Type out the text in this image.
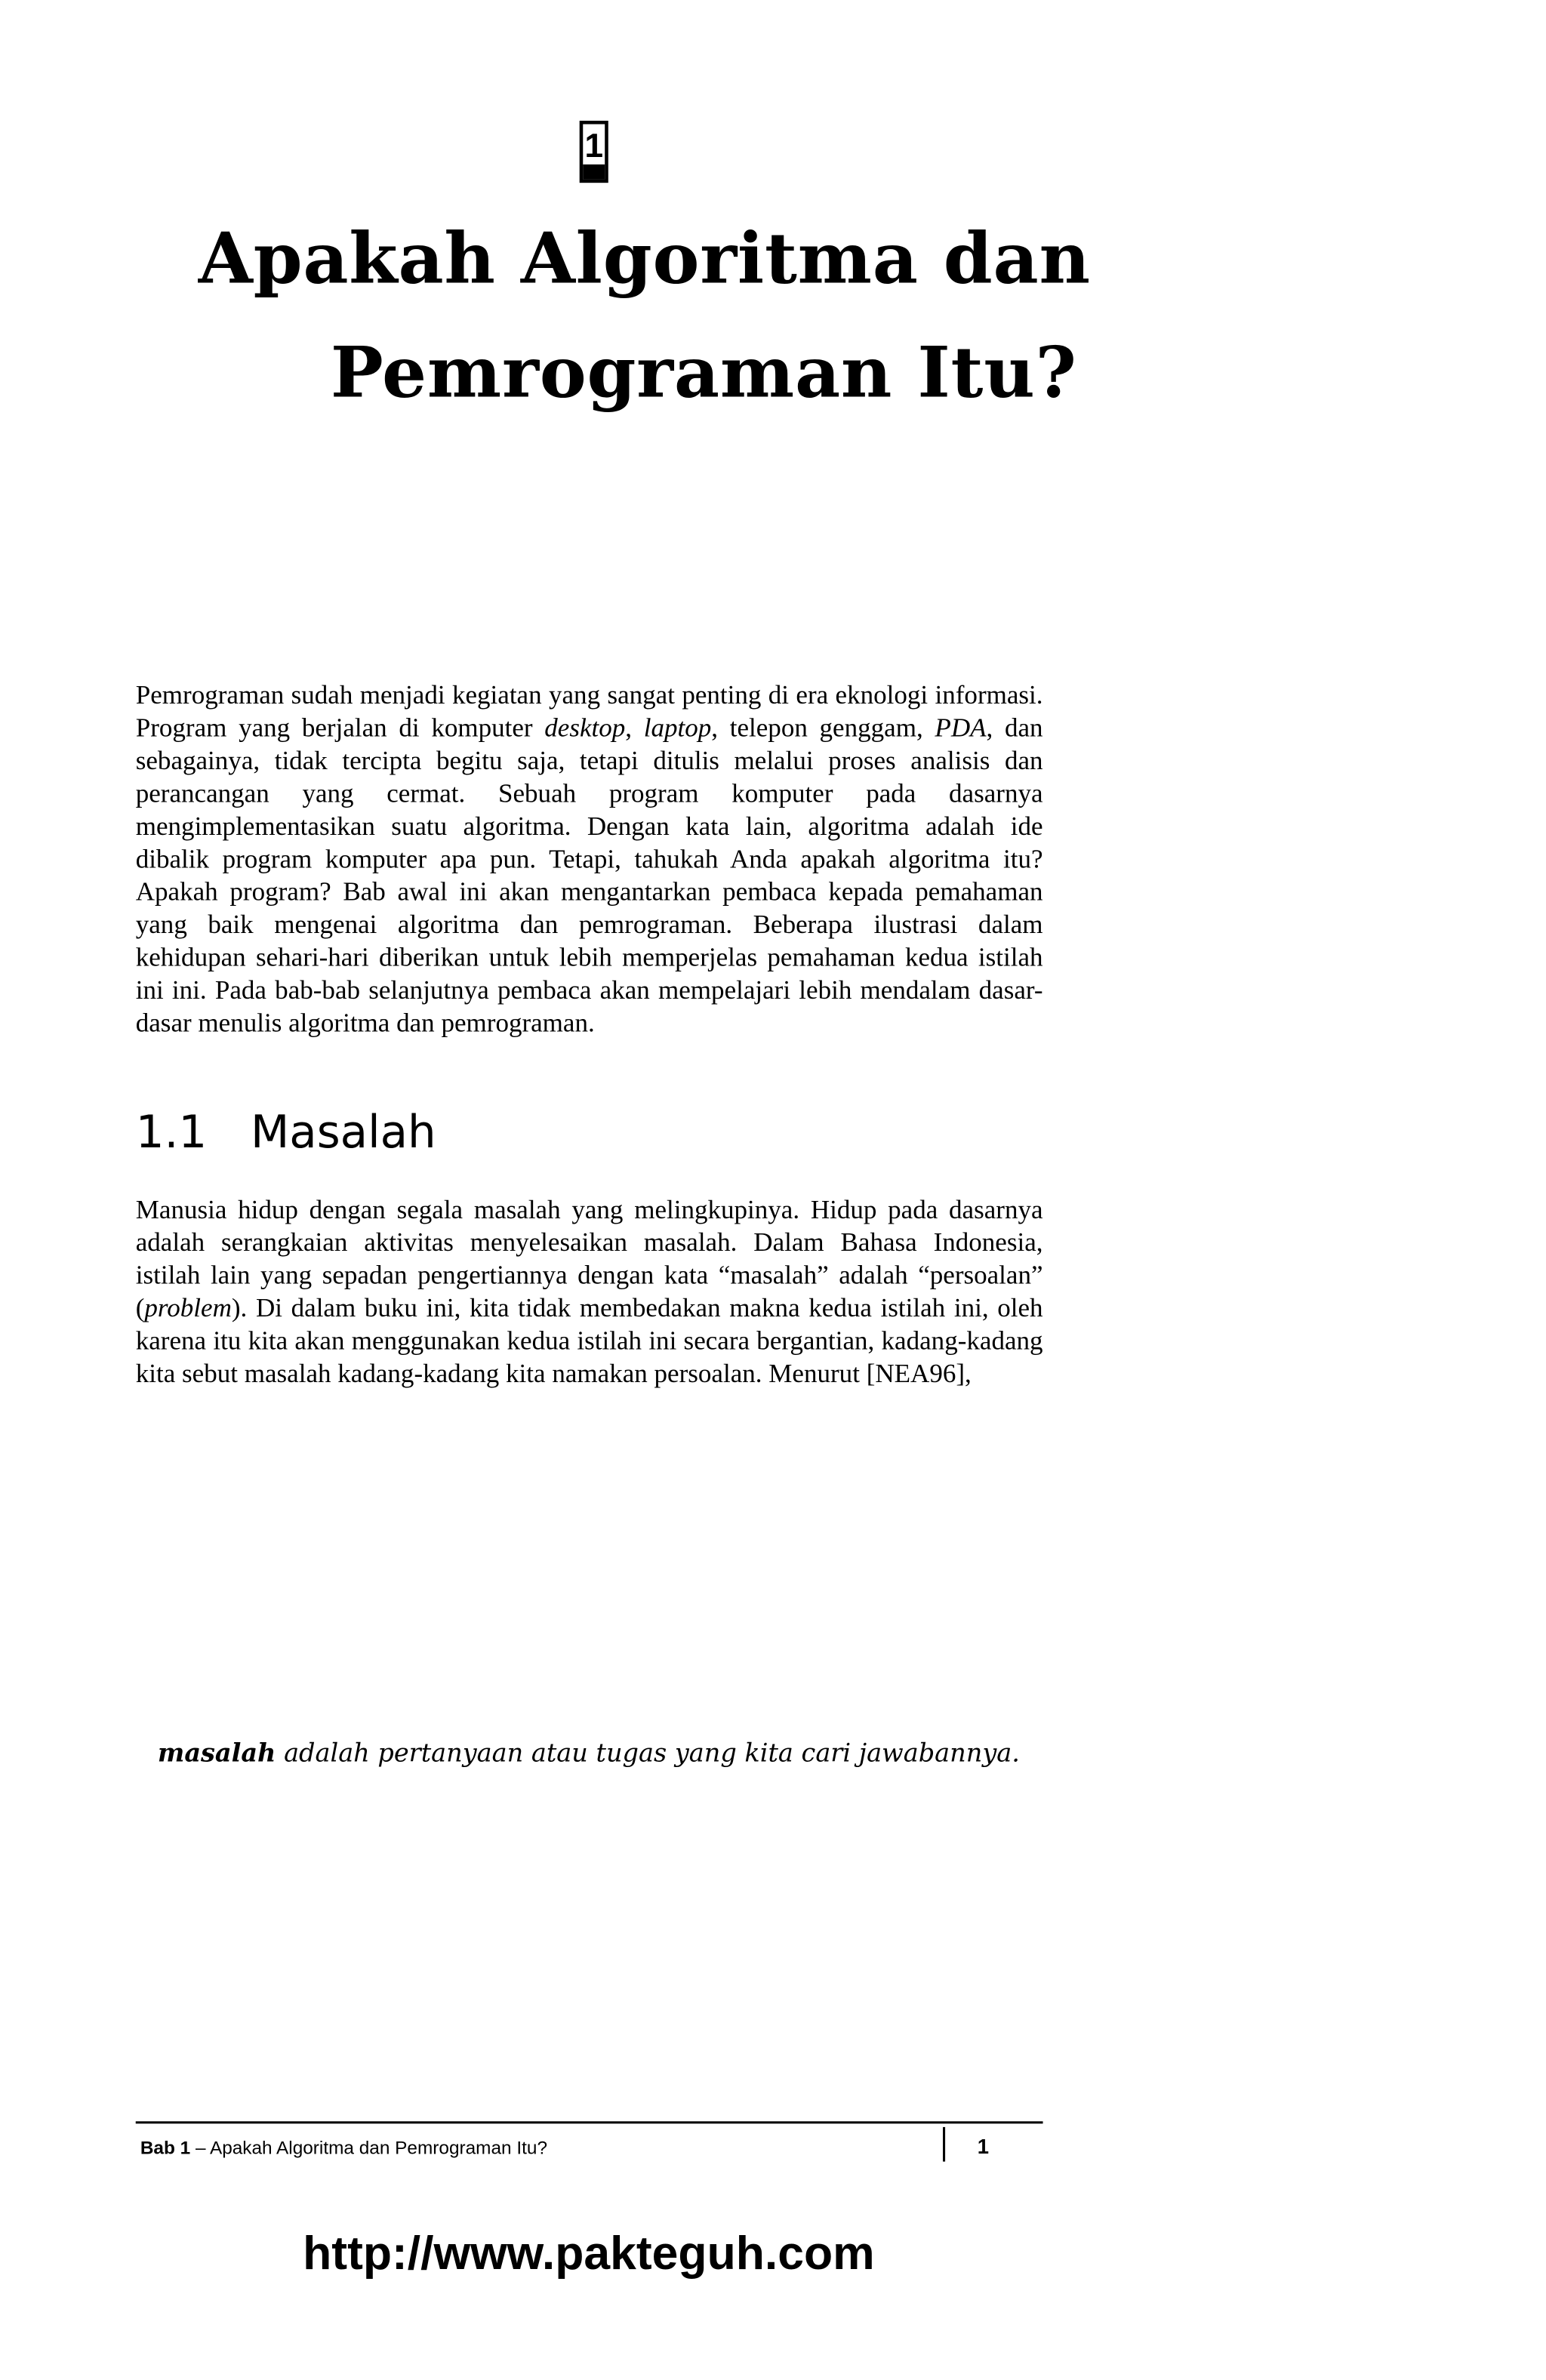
1
Apakah Algoritma dan
Pemrograman Itu?

Pemrograman sudah menjadi kegiatan yang sangat penting di era eknologi informasi. Program yang berjalan di komputer desktop, laptop, telepon genggam, PDA, dan sebagainya, tidak tercipta begitu saja, tetapi ditulis melalui proses analisis dan perancangan yang cermat. Sebuah program komputer pada dasarnya mengimplementasikan suatu algoritma. Dengan kata lain, algoritma adalah ide dibalik program komputer apa pun. Tetapi, tahukah Anda apakah algoritma itu? Apakah program? Bab awal ini akan mengantarkan pembaca kepada pemahaman yang baik mengenai algoritma dan pemrograman. Beberapa ilustrasi dalam kehidupan sehari-hari diberikan untuk lebih memperjelas pemahaman kedua istilah ini ini. Pada bab-bab selanjutnya pembaca akan mempelajari lebih mendalam dasar-dasar menulis algoritma dan pemrograman.

1.1 Masalah

Manusia hidup dengan segala masalah yang melingkupinya. Hidup pada dasarnya adalah serangkaian aktivitas menyelesaikan masalah. Dalam Bahasa Indonesia, istilah lain yang sepadan pengertiannya dengan kata “masalah” adalah “persoalan” (problem). Di dalam buku ini, kita tidak membedakan makna kedua istilah ini, oleh karena itu kita akan menggunakan kedua istilah ini secara bergantian, kadang-kadang kita sebut masalah kadang-kadang kita namakan persoalan. Menurut [NEA96],

masalah adalah pertanyaan atau tugas yang kita cari jawabannya.

Bab 1 – Apakah Algoritma dan Pemrograman Itu?	1
http://www.pakteguh.com
